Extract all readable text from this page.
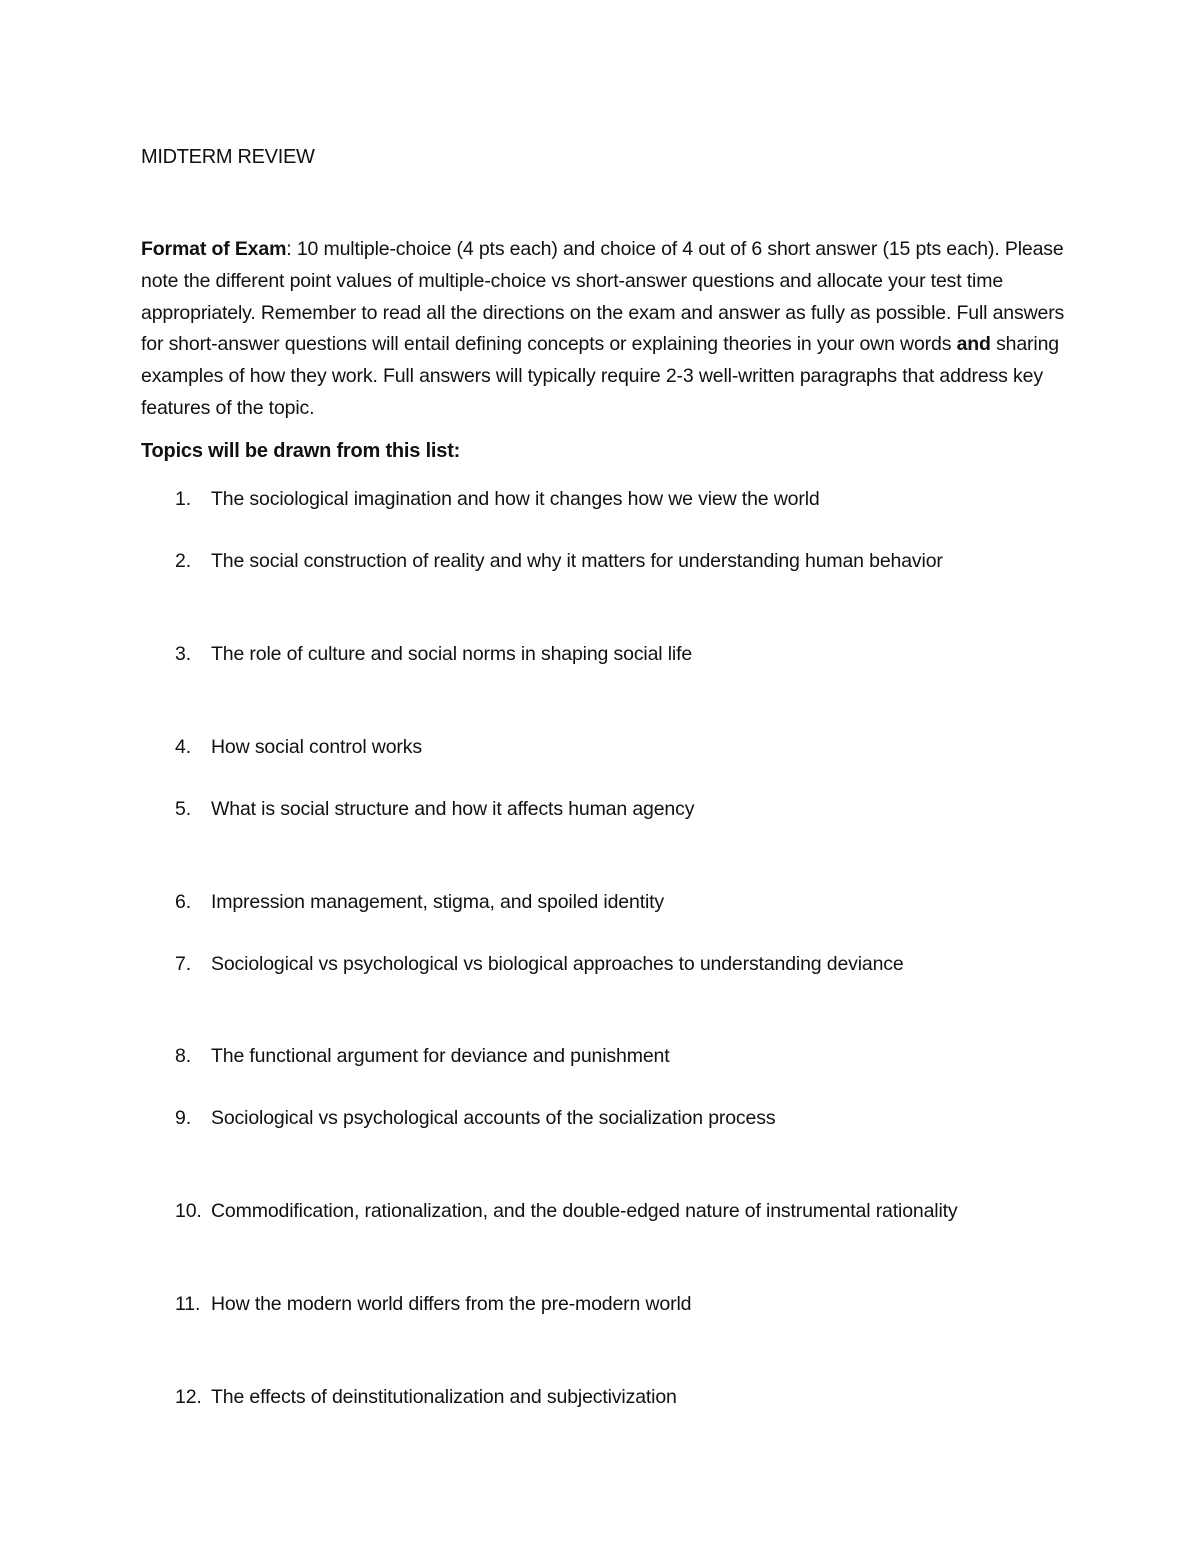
MIDTERM REVIEW
Format of Exam: 10 multiple-choice (4 pts each) and choice of 4 out of 6 short answer (15 pts each). Please note the different point values of multiple-choice vs short-answer questions and allocate your test time appropriately. Remember to read all the directions on the exam and answer as fully as possible. Full answers for short-answer questions will entail defining concepts or explaining theories in your own words and sharing examples of how they work. Full answers will typically require 2-3 well-written paragraphs that address key features of the topic.
Topics will be drawn from this list:
1. The sociological imagination and how it changes how we view the world
2. The social construction of reality and why it matters for understanding human behavior
3. The role of culture and social norms in shaping social life
4. How social control works
5. What is social structure and how it affects human agency
6. Impression management, stigma, and spoiled identity
7. Sociological vs psychological vs biological approaches to understanding deviance
8. The functional argument for deviance and punishment
9. Sociological vs psychological accounts of the socialization process
10. Commodification, rationalization, and the double-edged nature of instrumental rationality
11. How the modern world differs from the pre-modern world
12. The effects of deinstitutionalization and subjectivization
